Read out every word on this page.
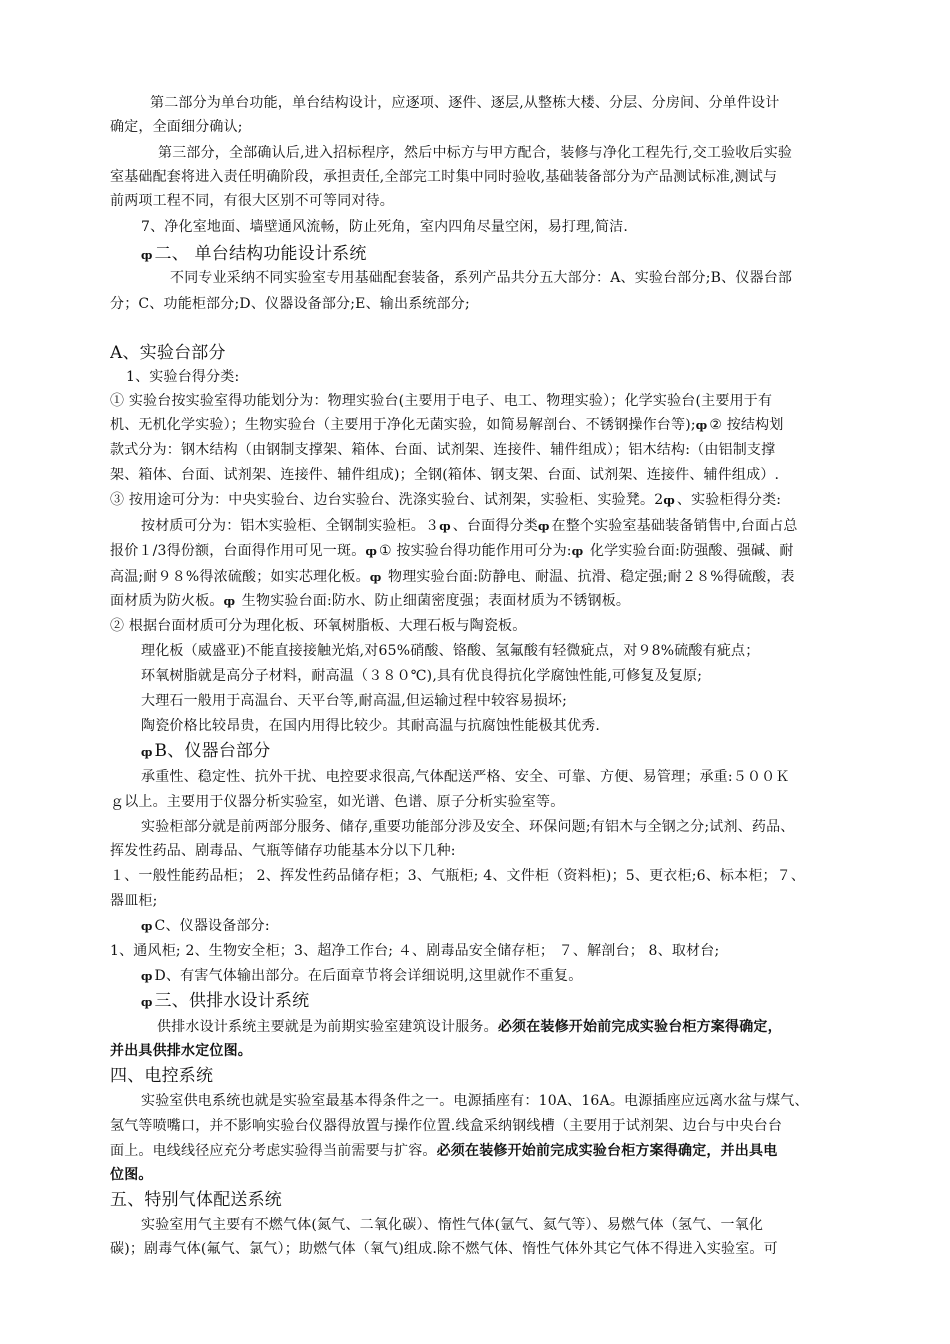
第二部分为单台功能，单台结构设计，应逐项、逐件、逐层,从整栋大楼、分层、分房间、分单件设计
确定，全面细分确认;
第三部分，全部确认后,进入招标程序，然后中标方与甲方配合，装修与净化工程先行,交工验收后实验
室基础配套将进入责任明确阶段，承担责任,全部完工时集中同时验收,基础装备部分为产品测试标准,测试与
前两项工程不同，有很大区别不可等同对待。
7、净化室地面、墙壁通风流畅，防止死角，室内四角尽量空闲，易打理,简洁.
ȹ 二、 单台结构功能设计系统
不同专业采纳不同实验室专用基础配套装备，系列产品共分五大部分：A、实验台部分;B、仪器台部
分；C、功能柜部分;D、仪器设备部分;E、输出系统部分;
A、实验台部分
1、实验台得分类:
① 实验台按实验室得功能划分为：物理实验台(主要用于电子、电工、物理实验）；化学实验台(主要用于有
机、无机化学实验）；生物实验台（主要用于净化无菌实验，如简易解剖台、不锈钢操作台等);ȹ ② 按结构划
款式分为：钢木结构（由钢制支撑架、箱体、台面、试剂架、连接件、辅件组成）；铝木结构:（由铝制支撑
架、箱体、台面、试剂架、连接件、辅件组成)；全钢(箱体、钢支架、台面、试剂架、连接件、辅件组成）.
③ 按用途可分为：中央实验台、边台实验台、洗涤实验台、试剂架，实验柜、实验凳。2ȹ 、实验柜得分类:
按材质可分为：铝木实验柜、全钢制实验柜。３ȹ 、台面得分类ȹ 在整个实验室基础装备销售中,台面占总
报价１/3得份额，台面得作用可见一斑。ȹ ① 按实验台得功能作用可分为:ȹ 化学实验台面:防强酸、强碱、耐
高温;耐９８%得浓硫酸；如实芯理化板。ȹ 物理实验台面:防静电、耐温、抗滑、稳定强;耐２８%得硫酸，表
面材质为防火板。ȹ 生物实验台面:防水、防止细菌密度强；表面材质为不锈钢板。
② 根据台面材质可分为理化板、环氧树脂板、大理石板与陶瓷板。
理化板（威盛亚)不能直接接触光焰,对65%硝酸、铬酸、氢氟酸有轻微疵点，对９8%硫酸有疵点；
环氧树脂就是高分子材料，耐高温（３８０℃),具有优良得抗化学腐蚀性能,可修复及复原;
大理石一般用于高温台、天平台等,耐高温,但运输过程中较容易损坏;
陶瓷价格比较昂贵，在国内用得比较少。其耐高温与抗腐蚀性能极其优秀.
ȹ B、仪器台部分
承重性、稳定性、抗外干扰、电控要求很高,气体配送严格、安全、可靠、方便、易管理；承重:５００Ｋ
ｇ以上。主要用于仪器分析实验室，如光谱、色谱、原子分析实验室等。
实验柜部分就是前两部分服务、储存,重要功能部分涉及安全、环保问题;有铝木与全钢之分;试剂、药品、
挥发性药品、剧毒品、气瓶等储存功能基本分以下几种:
１、一般性能药品柜； 2、挥发性药品储存柜；3、气瓶柜; 4、文件柜（资料柜)；5、更衣柜;6、标本柜；７、
器皿柜;
ȹ C、仪器设备部分:
1、通风柜; 2、生物安全柜；3、超净工作台; ４、剧毒品安全储存柜； ７、解剖台； 8、取材台;
ȹ D、有害气体输出部分。在后面章节将会详细说明,这里就作不重复。
ȹ 三、供排水设计系统
供排水设计系统主要就是为前期实验室建筑设计服务。必须在装修开始前完成实验台柜方案得确定，
并出具供排水定位图。
四、电控系统
实验室供电系统也就是实验室最基本得条件之一。电源插座有：10A、16A。电源插座应远离水盆与煤气、
氢气等喷嘴口，并不影响实验台仪器得放置与操作位置.线盒采纳钢线槽（主要用于试剂架、边台与中央台台
面上。电线线径应充分考虑实验得当前需要与扩容。必须在装修开始前完成实验台柜方案得确定，并出具电
位图。
五、特别气体配送系统
实验室用气主要有不燃气体(氮气、二氧化碳）、惰性气体(氩气、氦气等）、易燃气体（氢气、一氧化
碳)；剧毒气体(氟气、氯气）；助燃气体（氧气)组成.除不燃气体、惰性气体外其它气体不得进入实验室。可
